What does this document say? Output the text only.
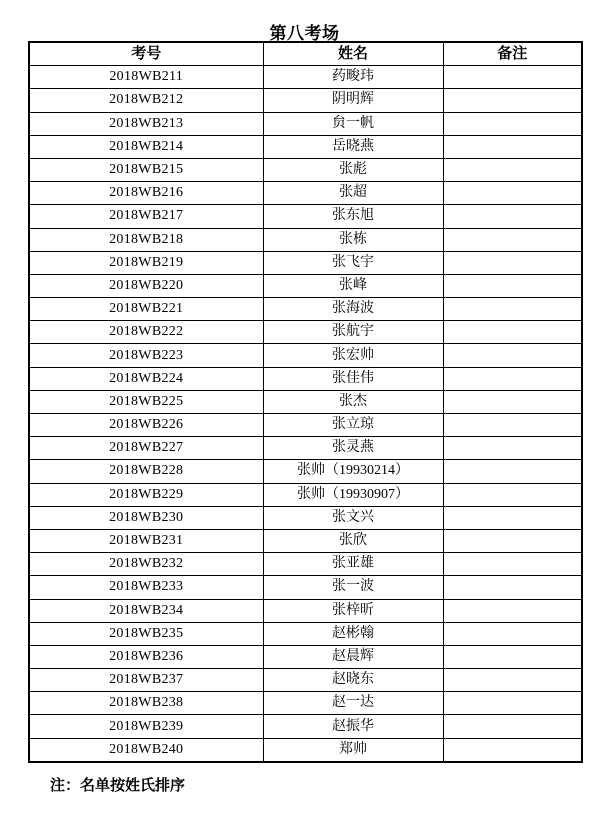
第八考场
考号	姓名	备注
2018WB211	药畯玮	
2018WB212	阴明辉	
2018WB213	贠一帆	
2018WB214	岳晓燕	
2018WB215	张彪	
2018WB216	张超	
2018WB217	张东旭	
2018WB218	张栋	
2018WB219	张飞宇	
2018WB220	张峰	
2018WB221	张海波	
2018WB222	张航宇	
2018WB223	张宏帅	
2018WB224	张佳伟	
2018WB225	张杰	
2018WB226	张立琼	
2018WB227	张灵燕	
2018WB228	张帅（19930214）	
2018WB229	张帅（19930907）	
2018WB230	张文兴	
2018WB231	张欣	
2018WB232	张亚雄	
2018WB233	张一波	
2018WB234	张梓昕	
2018WB235	赵彬翰	
2018WB236	赵晨辉	
2018WB237	赵晓东	
2018WB238	赵一达	
2018WB239	赵振华	
2018WB240	郑帅	
注：名单按姓氏排序
